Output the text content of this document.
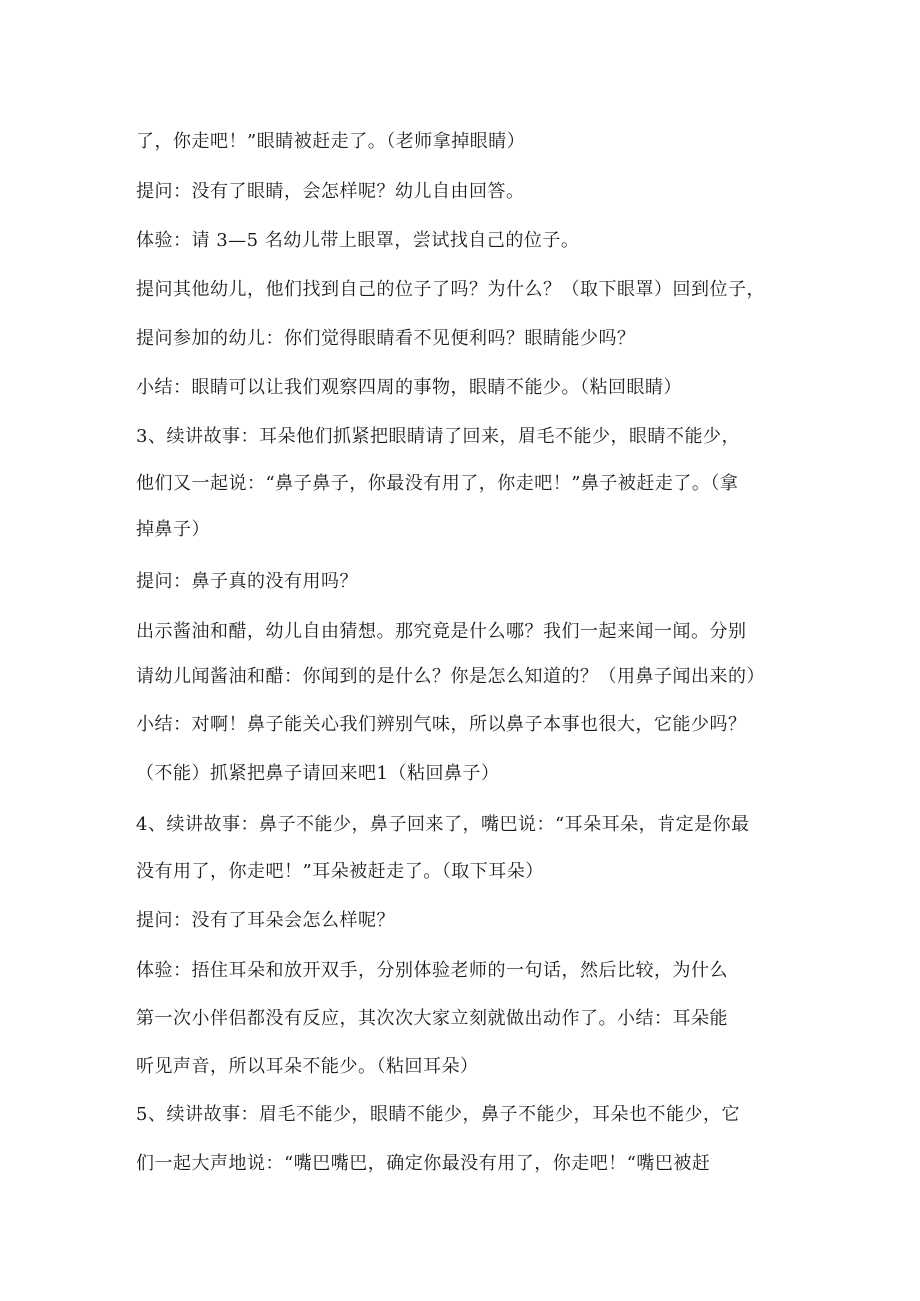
了，你走吧！”眼睛被赶走了。（老师拿掉眼睛）
提问：没有了眼睛，会怎样呢？幼儿自由回答。
体验：请 3—5 名幼儿带上眼罩，尝试找自己的位子。
提问其他幼儿，他们找到自己的位子了吗？为什么？（取下眼罩）回到位子，
提问参加的幼儿：你们觉得眼睛看不见便利吗？眼睛能少吗？
小结：眼睛可以让我们观察四周的事物，眼睛不能少。（粘回眼睛）
3、续讲故事：耳朵他们抓紧把眼睛请了回来，眉毛不能少，眼睛不能少，
他们又一起说：“鼻子鼻子，你最没有用了，你走吧！”鼻子被赶走了。（拿
掉鼻子）
提问：鼻子真的没有用吗？
出示酱油和醋，幼儿自由猜想。那究竟是什么哪？我们一起来闻一闻。分别
请幼儿闻酱油和醋：你闻到的是什么？你是怎么知道的？（用鼻子闻出来的）
小结：对啊！鼻子能关心我们辨别气味，所以鼻子本事也很大，它能少吗？
（不能）抓紧把鼻子请回来吧1（粘回鼻子）
4、续讲故事：鼻子不能少，鼻子回来了，嘴巴说：“耳朵耳朵，肯定是你最
没有用了，你走吧！”耳朵被赶走了。（取下耳朵）
提问：没有了耳朵会怎么样呢？
体验：捂住耳朵和放开双手，分别体验老师的一句话，然后比较，为什么
第一次小伴侣都没有反应，其次次大家立刻就做出动作了。小结：耳朵能
听见声音，所以耳朵不能少。（粘回耳朵）
5、续讲故事：眉毛不能少，眼睛不能少，鼻子不能少，耳朵也不能少，它
们一起大声地说：“嘴巴嘴巴，确定你最没有用了，你走吧！“嘴巴被赶
